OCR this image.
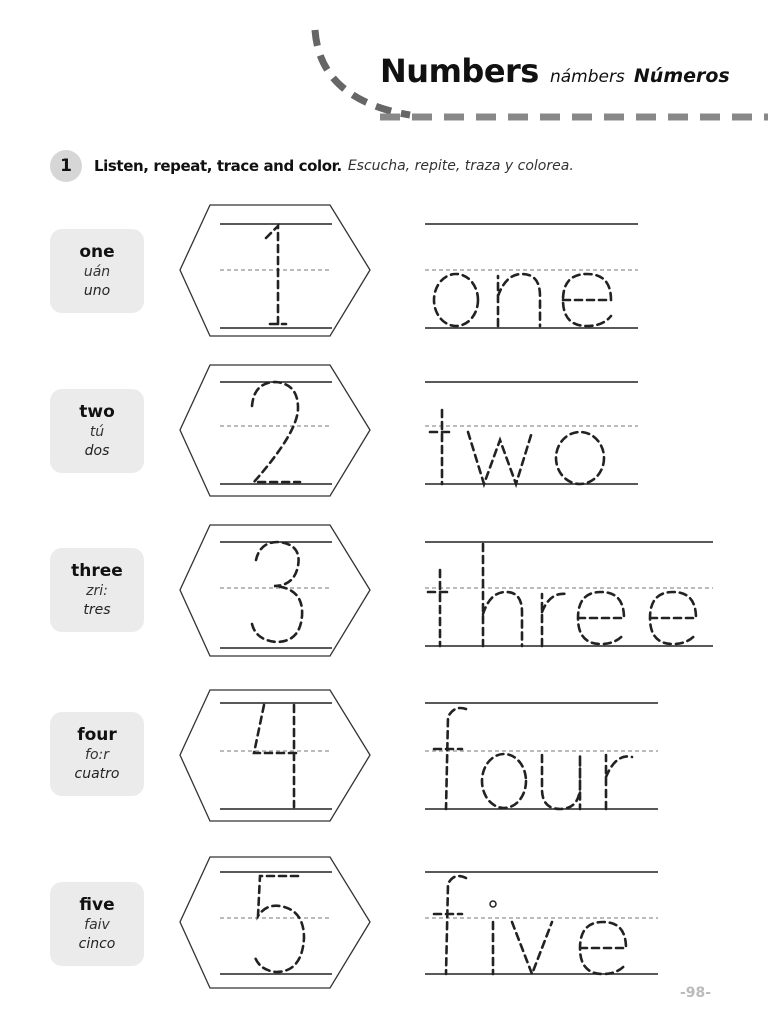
Numbers námbers Números
1	Listen, repeat, trace and color. Escucha, repite, traza y colorea.
one
uán
uno
two
tú
dos
three
zri:
tres
four
fo:r
cuatro
five
faiv
cinco
-98-
